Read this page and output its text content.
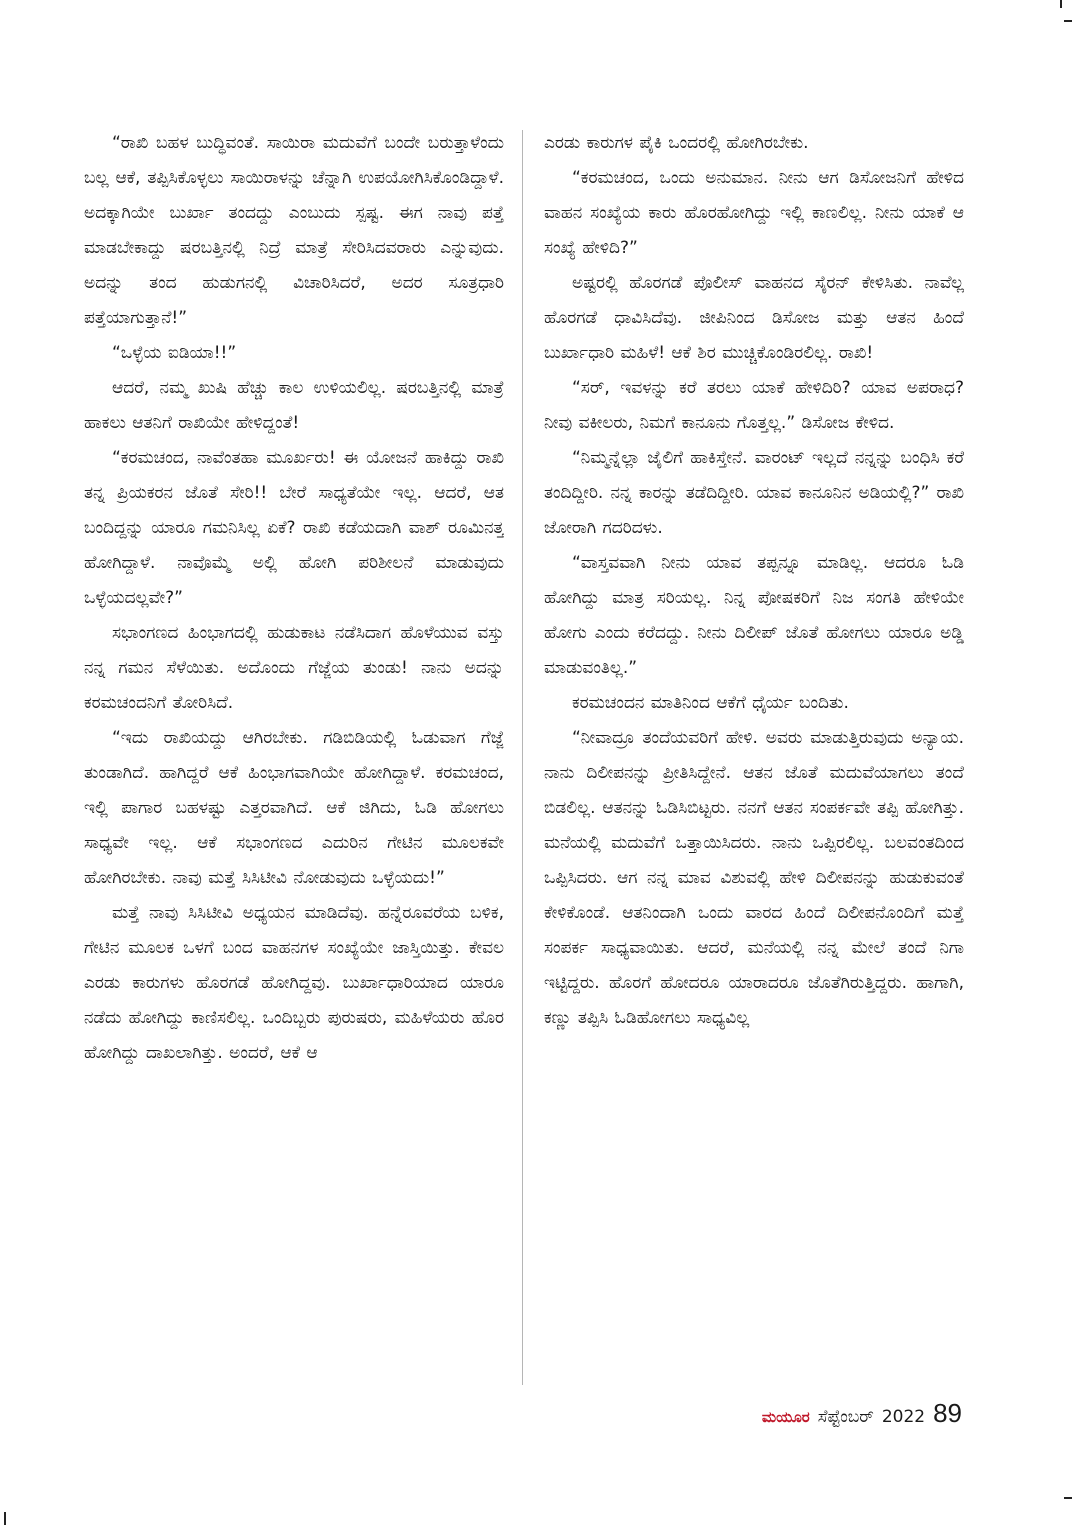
“ರಾಖಿ ಬಹಳ ಬುದ್ಧಿವಂತೆ. ಸಾಯಿರಾ ಮದುವೆಗೆ ಬಂದೇ ಬರುತ್ತಾಳೆಂದು ಬಲ್ಲ ಆಕೆ, ತಪ್ಪಿಸಿಕೊಳ್ಳಲು ಸಾಯಿರಾಳನ್ನು ಚೆನ್ನಾಗಿ ಉಪಯೋಗಿಸಿಕೊಂಡಿದ್ದಾಳೆ. ಅದಕ್ಕಾಗಿಯೇ ಬುರ್ಖಾ ತಂದದ್ದು ಎಂಬುದು ಸ್ಪಷ್ಟ. ಈಗ ನಾವು ಪತ್ತೆ ಮಾಡಬೇಕಾದ್ದು ಷರಬತ್ತಿನಲ್ಲಿ ನಿದ್ರೆ ಮಾತ್ರೆ ಸೇರಿಸಿದವರಾರು ಎನ್ನುವುದು. ಅದನ್ನು ತಂದ ಹುಡುಗನಲ್ಲಿ ವಿಚಾರಿಸಿದರೆ, ಅದರ ಸೂತ್ರಧಾರಿ ಪತ್ತೆಯಾಗುತ್ತಾನೆ!”

“ಒಳ್ಳೆಯ ಐಡಿಯಾ!!”

ಆದರೆ, ನಮ್ಮ ಖುಷಿ ಹೆಚ್ಚು ಕಾಲ ಉಳಿಯಲಿಲ್ಲ. ಷರಬತ್ತಿನಲ್ಲಿ ಮಾತ್ರೆ ಹಾಕಲು ಆತನಿಗೆ ರಾಖಿಯೇ ಹೇಳಿದ್ದಂತೆ!

“ಕರಮಚಂದ, ನಾವೆಂತಹಾ ಮೂರ್ಖರು! ಈ ಯೋಜನೆ ಹಾಕಿದ್ದು ರಾಖಿ ತನ್ನ ಪ್ರಿಯಕರನ ಜೊತೆ ಸೇರಿ!! ಬೇರೆ ಸಾಧ್ಯತೆಯೇ ಇಲ್ಲ. ಆದರೆ, ಆತ ಬಂದಿದ್ದನ್ನು ಯಾರೂ ಗಮನಿಸಿಲ್ಲ ಏಕೆ? ರಾಖಿ ಕಡೆಯದಾಗಿ ವಾಶ್ ರೂಮಿನತ್ತ ಹೋಗಿದ್ದಾಳೆ. ನಾವೊಮ್ಮೆ ಅಲ್ಲಿ ಹೋಗಿ ಪರಿಶೀಲನೆ ಮಾಡುವುದು ಒಳ್ಳೆಯದಲ್ಲವೇ?”

ಸಭಾಂಗಣದ ಹಿಂಭಾಗದಲ್ಲಿ ಹುಡುಕಾಟ ನಡೆಸಿದಾಗ ಹೊಳೆಯುವ ವಸ್ತು ನನ್ನ ಗಮನ ಸೆಳೆಯಿತು. ಅದೊಂದು ಗೆಜ್ಜೆಯ ತುಂಡು! ನಾನು ಅದನ್ನು ಕರಮಚಂದನಿಗೆ ತೋರಿಸಿದೆ.

“ಇದು ರಾಖಿಯದ್ದು ಆಗಿರಬೇಕು. ಗಡಿಬಿಡಿಯಲ್ಲಿ ಓಡುವಾಗ ಗೆಜ್ಜೆ ತುಂಡಾಗಿದೆ. ಹಾಗಿದ್ದರೆ ಆಕೆ ಹಿಂಭಾಗವಾಗಿಯೇ ಹೋಗಿದ್ದಾಳೆ. ಕರಮಚಂದ, ಇಲ್ಲಿ ಪಾಗಾರ ಬಹಳಷ್ಟು ಎತ್ತರವಾಗಿದೆ. ಆಕೆ ಜಿಗಿದು, ಓಡಿ ಹೋಗಲು ಸಾಧ್ಯವೇ ಇಲ್ಲ. ಆಕೆ ಸಭಾಂಗಣದ ಎದುರಿನ ಗೇಟಿನ ಮೂಲಕವೇ ಹೋಗಿರಬೇಕು. ನಾವು ಮತ್ತೆ ಸಿಸಿಟೀವಿ ನೋಡುವುದು ಒಳ್ಳೆಯದು!”

ಮತ್ತೆ ನಾವು ಸಿಸಿಟೀವಿ ಅಧ್ಯಯನ ಮಾಡಿದೆವು. ಹನ್ನೆರೂವರೆಯ ಬಳಿಕ, ಗೇಟಿನ ಮೂಲಕ ಒಳಗೆ ಬಂದ ವಾಹನಗಳ ಸಂಖ್ಯೆಯೇ ಜಾಸ್ತಿಯಿತ್ತು. ಕೇವಲ ಎರಡು ಕಾರುಗಳು ಹೊರಗಡೆ ಹೋಗಿದ್ದವು. ಬುರ್ಖಾಧಾರಿಯಾದ ಯಾರೂ ನಡೆದು ಹೋಗಿದ್ದು ಕಾಣಿಸಲಿಲ್ಲ. ಒಂದಿಬ್ಬರು ಪುರುಷರು, ಮಹಿಳೆಯರು ಹೊರ ಹೋಗಿದ್ದು ದಾಖಲಾಗಿತ್ತು. ಅಂದರೆ, ಆಕೆ ಆ

ಎರಡು ಕಾರುಗಳ ಪೈಕಿ ಒಂದರಲ್ಲಿ ಹೋಗಿರಬೇಕು.

“ಕರಮಚಂದ, ಒಂದು ಅನುಮಾನ. ನೀನು ಆಗ ಡಿಸೋಜನಿಗೆ ಹೇಳಿದ ವಾಹನ ಸಂಖ್ಯೆಯ ಕಾರು ಹೊರಹೋಗಿದ್ದು ಇಲ್ಲಿ ಕಾಣಲಿಲ್ಲ. ನೀನು ಯಾಕೆ ಆ ಸಂಖ್ಯೆ ಹೇಳಿದಿ?”

ಅಷ್ಟರಲ್ಲಿ ಹೊರಗಡೆ ಪೊಲೀಸ್ ವಾಹನದ ಸೈರನ್ ಕೇಳಿಸಿತು. ನಾವೆಲ್ಲ ಹೊರಗಡೆ ಧಾವಿಸಿದೆವು. ಜೀಪಿನಿಂದ ಡಿಸೋಜ ಮತ್ತು ಆತನ ಹಿಂದೆ ಬುರ್ಖಾಧಾರಿ ಮಹಿಳೆ! ಆಕೆ ಶಿರ ಮುಚ್ಚಿಕೊಂಡಿರಲಿಲ್ಲ. ರಾಖಿ!

“ಸರ್, ಇವಳನ್ನು ಕರೆ ತರಲು ಯಾಕೆ ಹೇಳಿದಿರಿ? ಯಾವ ಅಪರಾಧ? ನೀವು ವಕೀಲರು, ನಿಮಗೆ ಕಾನೂನು ಗೊತ್ತಲ್ಲ.” ಡಿಸೋಜ ಕೇಳಿದ.

“ನಿಮ್ಮನ್ನೆಲ್ಲಾ ಜೈಲಿಗೆ ಹಾಕಿಸ್ತೇನೆ. ವಾರಂಟ್ ಇಲ್ಲದೆ ನನ್ನನ್ನು ಬಂಧಿಸಿ ಕರೆ ತಂದಿದ್ದೀರಿ. ನನ್ನ ಕಾರನ್ನು ತಡೆದಿದ್ದೀರಿ. ಯಾವ ಕಾನೂನಿನ ಅಡಿಯಲ್ಲಿ?” ರಾಖಿ ಜೋರಾಗಿ ಗದರಿದಳು.

“ವಾಸ್ತವವಾಗಿ ನೀನು ಯಾವ ತಪ್ಪನ್ನೂ ಮಾಡಿಲ್ಲ. ಆದರೂ ಓಡಿ ಹೋಗಿದ್ದು ಮಾತ್ರ ಸರಿಯಲ್ಲ. ನಿನ್ನ ಪೋಷಕರಿಗೆ ನಿಜ ಸಂಗತಿ ಹೇಳಿಯೇ ಹೋಗು ಎಂದು ಕರೆದದ್ದು. ನೀನು ದಿಲೀಪ್ ಜೊತೆ ಹೋಗಲು ಯಾರೂ ಅಡ್ಡಿ ಮಾಡುವಂತಿಲ್ಲ.”

ಕರಮಚಂದನ ಮಾತಿನಿಂದ ಆಕೆಗೆ ಧೈರ್ಯ ಬಂದಿತು.

“ನೀವಾದ್ರೂ ತಂದೆಯವರಿಗೆ ಹೇಳಿ. ಅವರು ಮಾಡುತ್ತಿರುವುದು ಅನ್ಯಾಯ. ನಾನು ದಿಲೀಪನನ್ನು ಪ್ರೀತಿಸಿದ್ದೇನೆ. ಆತನ ಜೊತೆ ಮದುವೆಯಾಗಲು ತಂದೆ ಬಿಡಲಿಲ್ಲ. ಆತನನ್ನು ಓಡಿಸಿಬಿಟ್ಟರು. ನನಗೆ ಆತನ ಸಂಪರ್ಕವೇ ತಪ್ಪಿ ಹೋಗಿತ್ತು. ಮನೆಯಲ್ಲಿ ಮದುವೆಗೆ ಒತ್ತಾಯಿಸಿದರು. ನಾನು ಒಪ್ಪಿರಲಿಲ್ಲ. ಬಲವಂತದಿಂದ ಒಪ್ಪಿಸಿದರು. ಆಗ ನನ್ನ ಮಾವ ವಿಶುವಲ್ಲಿ ಹೇಳಿ ದಿಲೀಪನನ್ನು ಹುಡುಕುವಂತೆ ಕೇಳಿಕೊಂಡೆ. ಆತನಿಂದಾಗಿ ಒಂದು ವಾರದ ಹಿಂದೆ ದಿಲೀಪನೊಂದಿಗೆ ಮತ್ತೆ ಸಂಪರ್ಕ ಸಾಧ್ಯವಾಯಿತು. ಆದರೆ, ಮನೆಯಲ್ಲಿ ನನ್ನ ಮೇಲೆ ತಂದೆ ನಿಗಾ ಇಟ್ಟಿದ್ದರು. ಹೊರಗೆ ಹೋದರೂ ಯಾರಾದರೂ ಜೊತೆಗಿರುತ್ತಿದ್ದರು. ಹಾಗಾಗಿ, ಕಣ್ಣು ತಪ್ಪಿಸಿ ಓಡಿಹೋಗಲು ಸಾಧ್ಯವಿಲ್ಲ

ಮಯೂರ ಸೆಪ್ಟೆಂಬರ್ 2022 89
